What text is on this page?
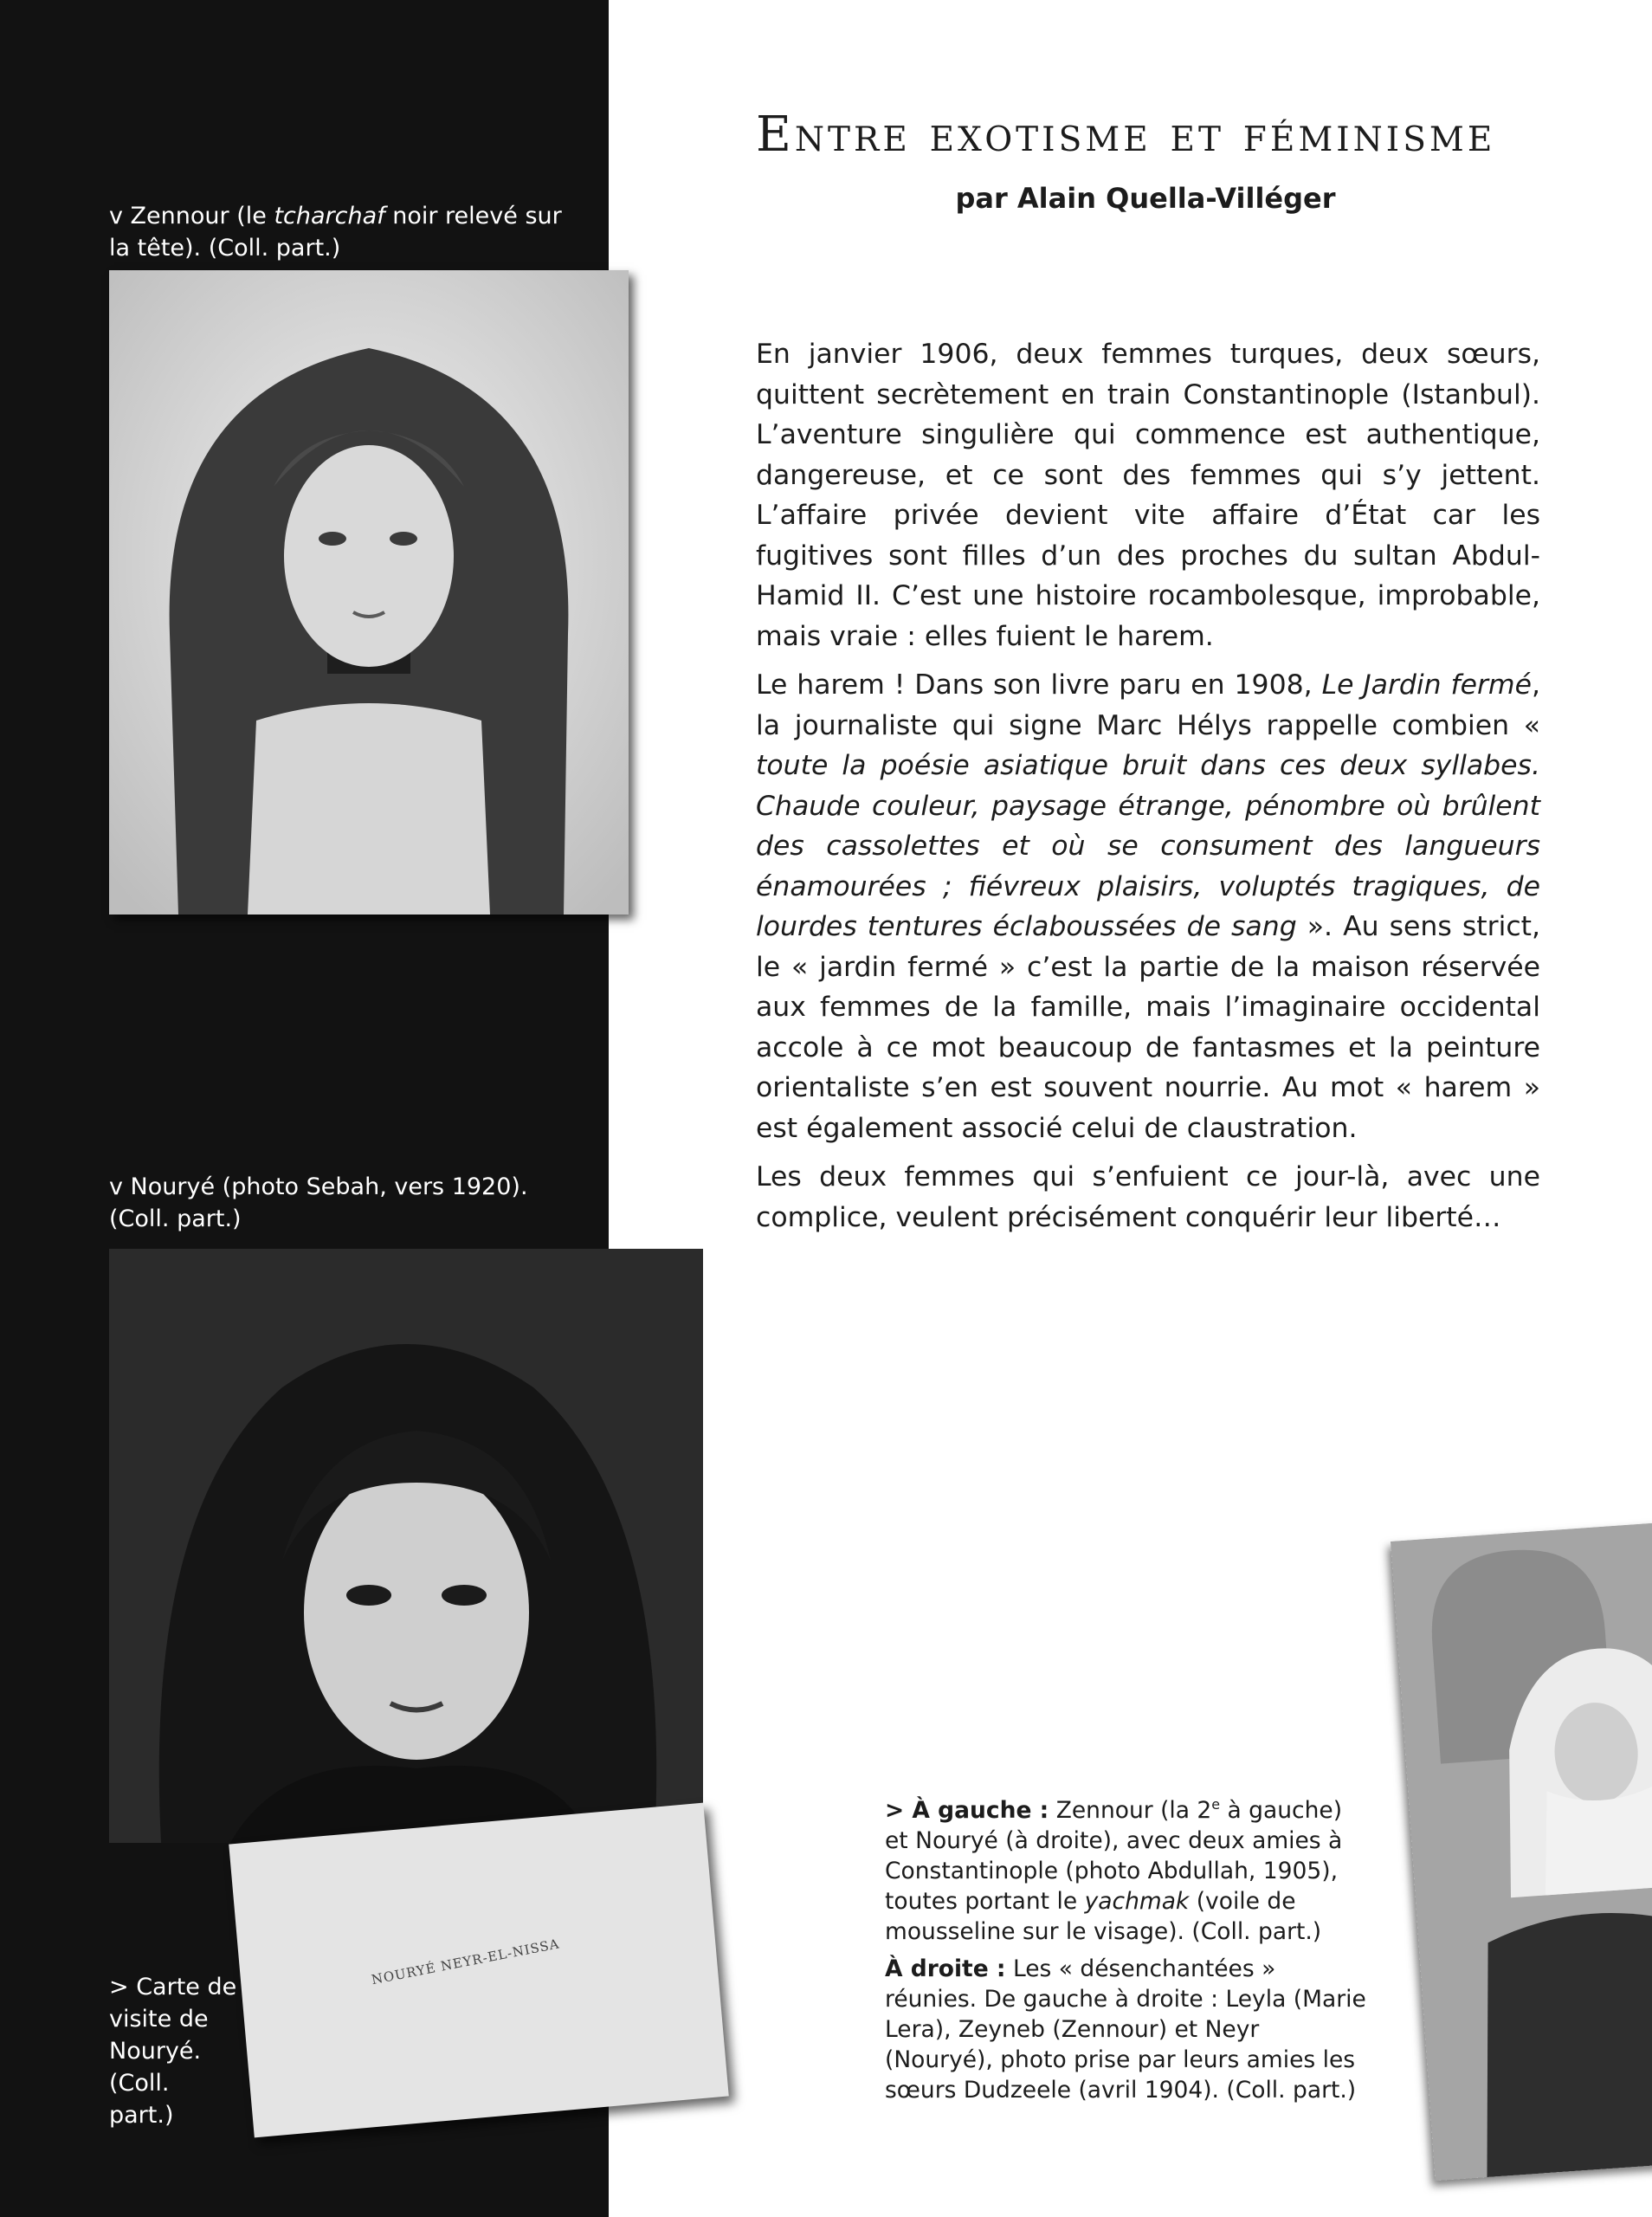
v Zennour (le tcharchaf noir relevé sur la tête). (Coll. part.)
v Nouryé (photo Sebah, vers 1920). (Coll. part.)
NOURYÉ NEYR-EL-NISSA
> Carte de visite de Nouryé. (Coll. part.)
Entre exotisme et féminisme
par Alain Quella-Villéger

En janvier 1906, deux femmes turques, deux sœurs, quittent secrètement en train Constantinople (Istanbul). L’aventure singulière qui commence est authentique, dangereuse, et ce sont des femmes qui s’y jettent. L’affaire privée devient vite affaire d’État car les fugitives sont filles d’un des proches du sultan Abdul-Hamid II. C’est une histoire rocambolesque, improbable, mais vraie : elles fuient le harem.

Le harem ! Dans son livre paru en 1908, Le Jardin fermé, la journaliste qui signe Marc Hélys rappelle combien « toute la poésie asiatique bruit dans ces deux syllabes. Chaude couleur, paysage étrange, pénombre où brûlent des cassolettes et où se consument des langueurs énamourées ; fiévreux plaisirs, voluptés tragiques, de lourdes tentures éclaboussées de sang ». Au sens strict, le « jardin fermé » c’est la partie de la maison réservée aux femmes de la famille, mais l’imaginaire occidental accole à ce mot beaucoup de fantasmes et la peinture orientaliste s’en est souvent nourrie. Au mot « harem » est également associé celui de claustration.

Les deux femmes qui s’enfuient ce jour-là, avec une complice, veulent précisément conquérir leur liberté…

> À gauche : Zennour (la 2e à gauche) et Nouryé (à droite), avec deux amies à Constantinople (photo Abdullah, 1905), toutes portant le yachmak (voile de mousseline sur le visage). (Coll. part.)

À droite : Les « désenchantées » réunies. De gauche à droite : Leyla (Marie Lera), Zeyneb (Zennour) et Neyr (Nouryé), photo prise par leurs amies les sœurs Dudzeele (avril 1904). (Coll. part.)
